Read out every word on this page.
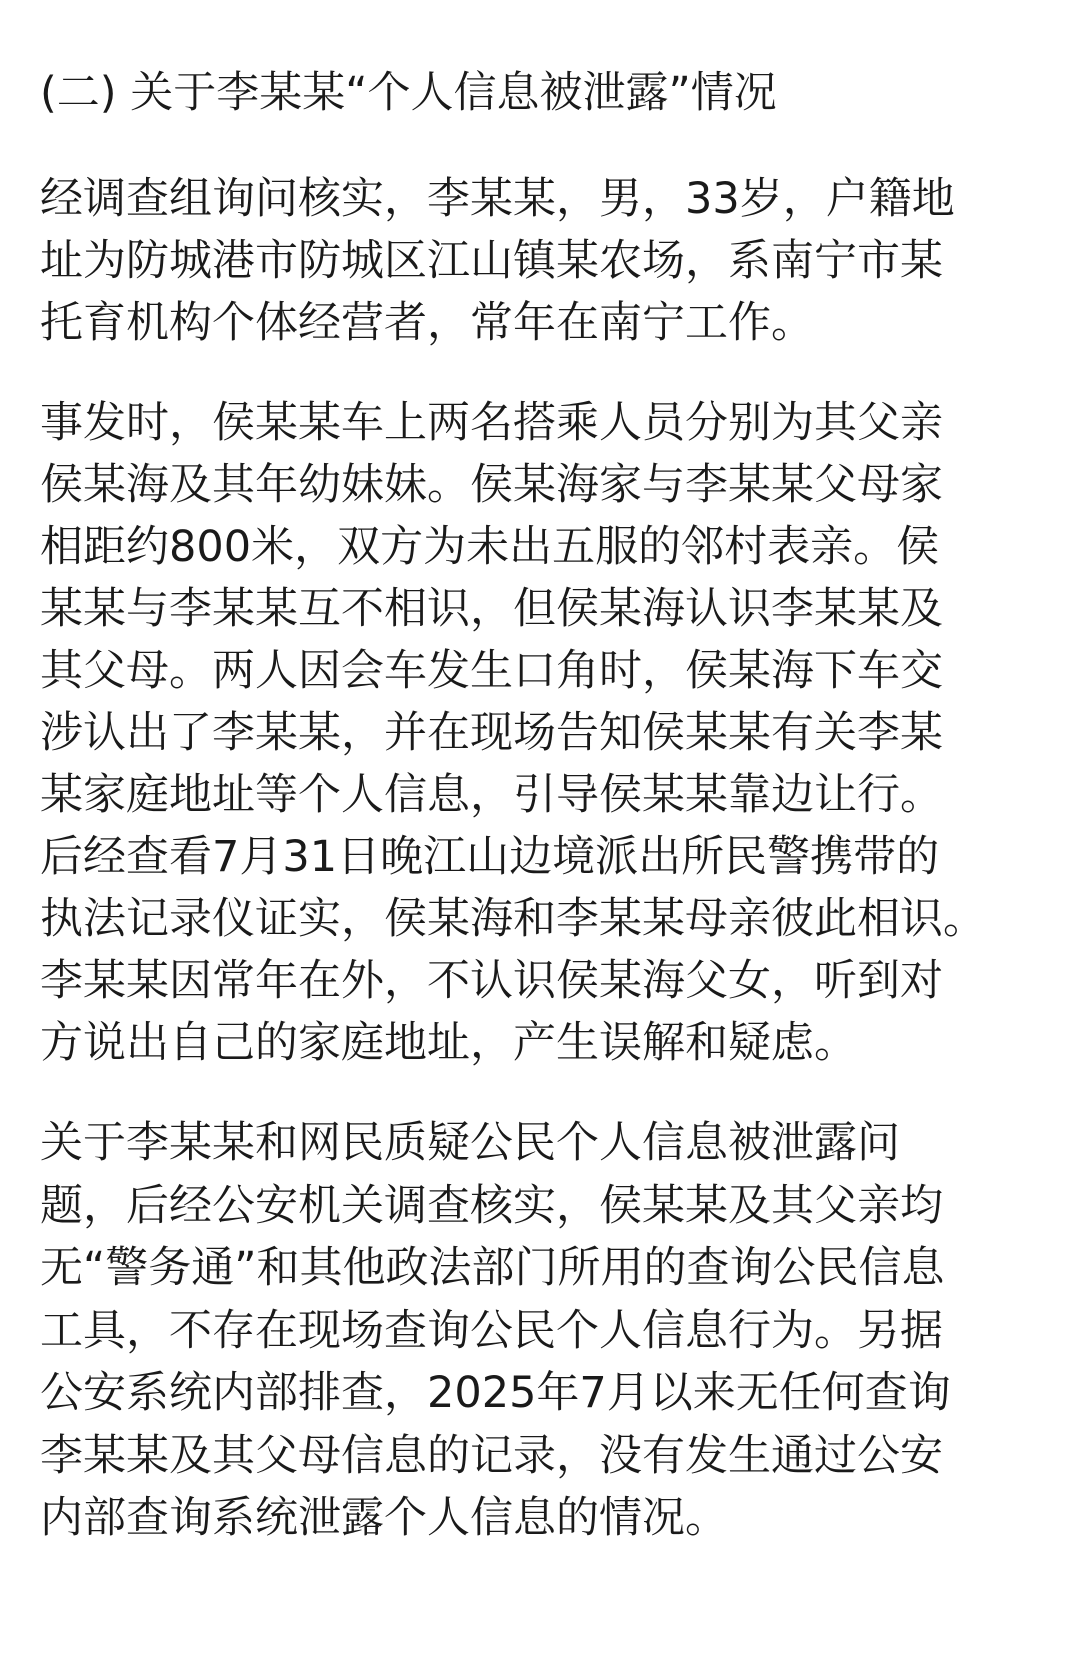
(二) 关于李某某“个人信息被泄露”情况
经调查组询问核实，李某某，男，33岁，户籍地
址为防城港市防城区江山镇某农场，系南宁市某
托育机构个体经营者，常年在南宁工作。
事发时，侯某某车上两名搭乘人员分别为其父亲
侯某海及其年幼妹妹。侯某海家与李某某父母家
相距约800米，双方为未出五服的邻村表亲。侯
某某与李某某互不相识，但侯某海认识李某某及
其父母。两人因会车发生口角时，侯某海下车交
涉认出了李某某，并在现场告知侯某某有关李某
某家庭地址等个人信息，引导侯某某靠边让行。
后经查看7月31日晚江山边境派出所民警携带的
执法记录仪证实，侯某海和李某某母亲彼此相识。
李某某因常年在外，不认识侯某海父女，听到对
方说出自己的家庭地址，产生误解和疑虑。
关于李某某和网民质疑公民个人信息被泄露问
题，后经公安机关调查核实，侯某某及其父亲均
无“警务通”和其他政法部门所用的查询公民信息
工具，不存在现场查询公民个人信息行为。另据
公安系统内部排查，2025年7月以来无任何查询
李某某及其父母信息的记录，没有发生通过公安
内部查询系统泄露个人信息的情况。
